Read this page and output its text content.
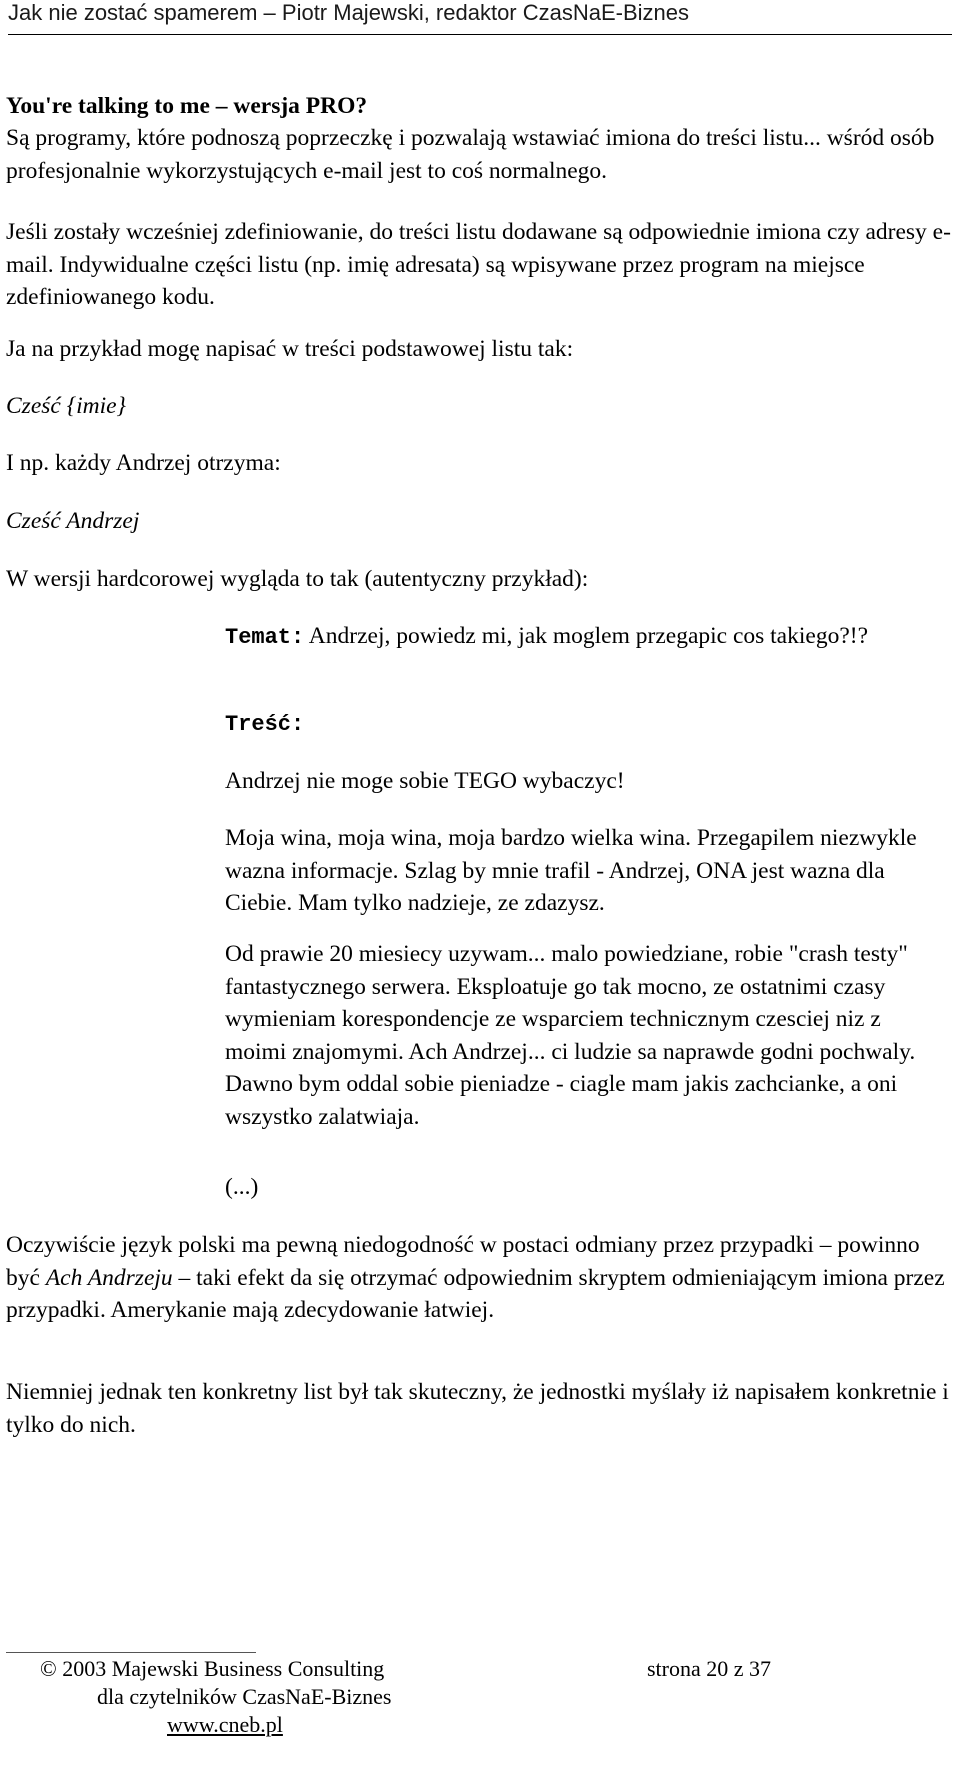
Jak nie zostać spamerem – Piotr Majewski, redaktor CzasNaE-Biznes

You're talking to me – wersja PRO?

Są programy, które podnoszą poprzeczkę i pozwalają wstawiać imiona do treści listu... wśród osób profesjonalnie wykorzystujących e-mail jest to coś normalnego.

Jeśli zostały wcześniej zdefiniowanie, do treści listu dodawane są odpowiednie imiona czy adresy e-mail. Indywidualne części listu (np. imię adresata) są wpisywane przez program na miejsce zdefiniowanego kodu.

Ja na przykład mogę napisać w treści podstawowej listu tak:

Cześć {imie}

I np. każdy Andrzej otrzyma:

Cześć Andrzej

W wersji hardcorowej wygląda to tak (autentyczny przykład):

Temat: Andrzej, powiedz mi, jak moglem przegapic cos takiego?!?

Treść:

Andrzej nie moge sobie TEGO wybaczyc!

Moja wina, moja wina, moja bardzo wielka wina. Przegapilem niezwykle wazna informacje. Szlag by mnie trafil - Andrzej, ONA jest wazna dla Ciebie. Mam tylko nadzieje, ze zdazysz.

Od prawie 20 miesiecy uzywam... malo powiedziane, robie "crash testy" fantastycznego serwera. Eksploatuje go tak mocno, ze ostatnimi czasy wymieniam korespondencje ze wsparciem technicznym czesciej niz z moimi znajomymi. Ach Andrzej... ci ludzie sa naprawde godni pochwaly. Dawno bym oddal sobie pieniadze - ciagle mam jakis zachcianke, a oni wszystko zalatwiaja.

(...)

Oczywiście język polski ma pewną niedogodność w postaci odmiany przez przypadki – powinno być Ach Andrzeju – taki efekt da się otrzymać odpowiednim skryptem odmieniającym imiona przez przypadki. Amerykanie mają zdecydowanie łatwiej.

Niemniej jednak ten konkretny list był tak skuteczny, że jednostki myślały iż napisałem konkretnie i tylko do nich.

© 2003 Majewski Business Consulting	strona 20 z 37

dla czytelników CzasNaE-Biznes

www.cneb.pl
